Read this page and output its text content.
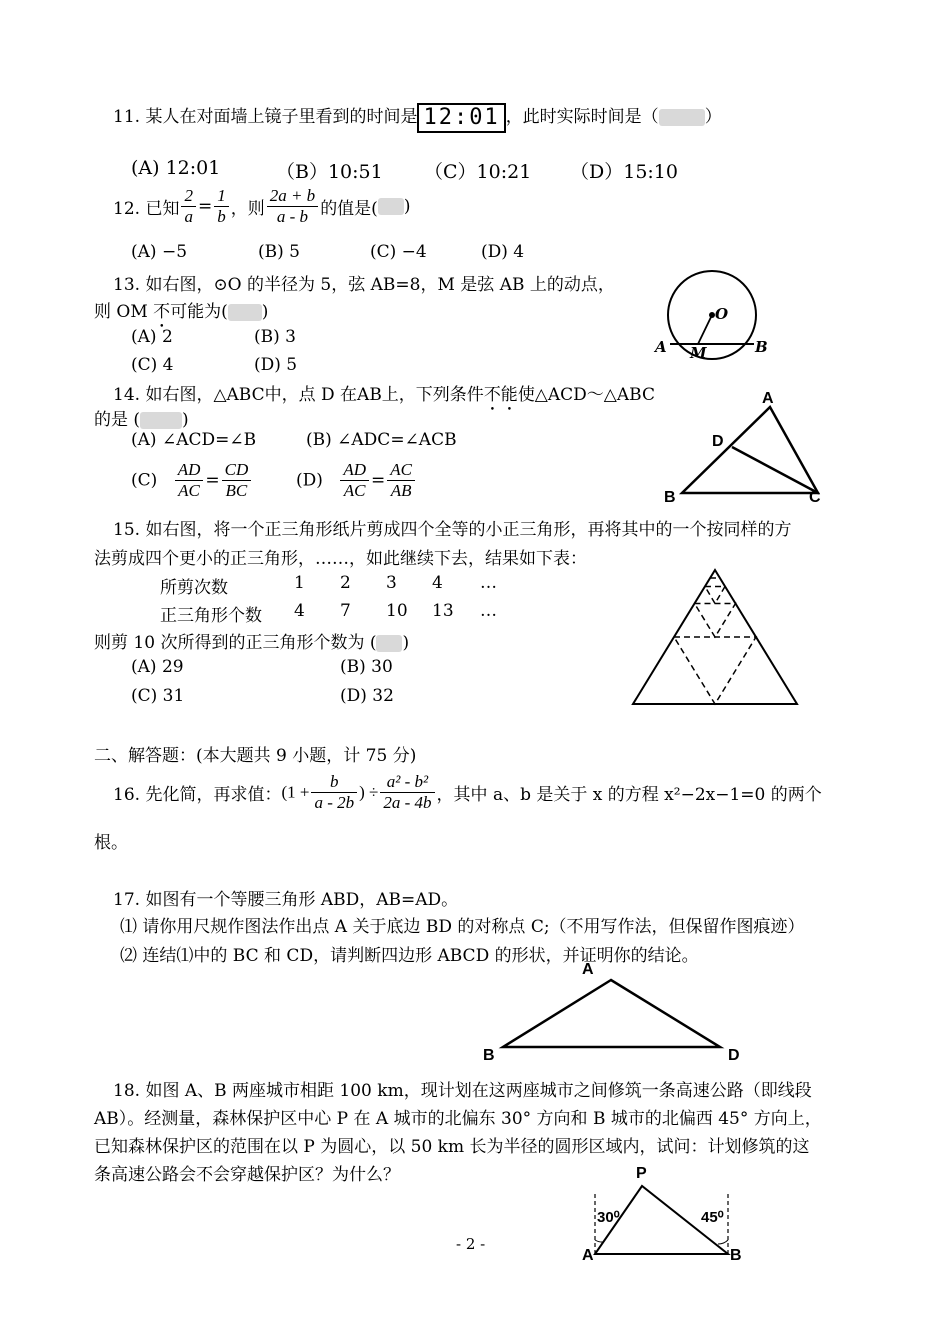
11. 某人在对面墙上镜子里看到的时间是 12:01 ，此时实际时间是（	）
(A) 12:01	（B）10:51 （C）10:21 （D）15:10
12. 已知 $\frac{2}{a} = \frac{1}{b}$ ，则 $\frac{2a + b}{a - b}$ 的值是( )
(A) −5	(B) 5	(C) −4	(D) 4
13. 如右图，⊙O 的半径为 5，弦 AB=8，M 是弦 AB 上的动点，
则 OM 不可能为( )
(A) 2	(B) 3
(C) 4	(D) 5
O
A M	B
14. 如右图，△ABC中，点 D 在AB上，下列条件不能使△ACD～△ABC
的是 ( )
(A) ∠ACD=∠B	(B) ∠ADC=∠ACB
$(C) \frac{AD}{AC} = \frac{CD}{BC}$	$(D) \frac{AD}{AC} = \frac{AC}{AB}$
A
D
B	C
15. 如右图，将一个正三角形纸片剪成四个全等的小正三角形，再将其中的一个按同样的方
法剪成四个更小的正三角形，……，如此继续下去，结果如下表：
所剪次数	1 2 3 4 …
正三角形个数 4 7 10 13 …
则剪 10 次所得到的正三角形个数为 ( )
(A) 29	(B) 30
(C) 31	(D) 32
二、解答题：(本大题共 9 小题，计 75 分)
16. 先化简，再求值：($1 + \frac{b}{a - 2b}$ ) ÷ $\frac{\text{a² - b²}}{2a - 4b}$ ，其中 a、b 是关于 x 的方程 x²−2x−1=0 的两个
根。
17. 如图有一个等腰三角形 ABD，AB=AD。
⑴ 请你用尺规作图法作出点 A 关于底边 BD 的对称点 C;（不用写作法，但保留作图痕迹）
⑵ 连结⑴中的 BC 和 CD，请判断四边形 ABCD 的形状，并证明你的结论。
A
B	D
18. 如图 A、B 两座城市相距 100 km，现计划在这两座城市之间修筑一条高速公路（即线段
AB）。经测量，森林保护区中心 P 在 A 城市的北偏东 30° 方向和 B 城市的北偏西 45° 方向上，
已知森林保护区的范围在以 P 为圆心，以 50 km 长为半径的圆形区域内，试问：计划修筑的这
条高速公路会不会穿越保护区？为什么？	P
30⁰	45⁰
A	B
- 2 -
